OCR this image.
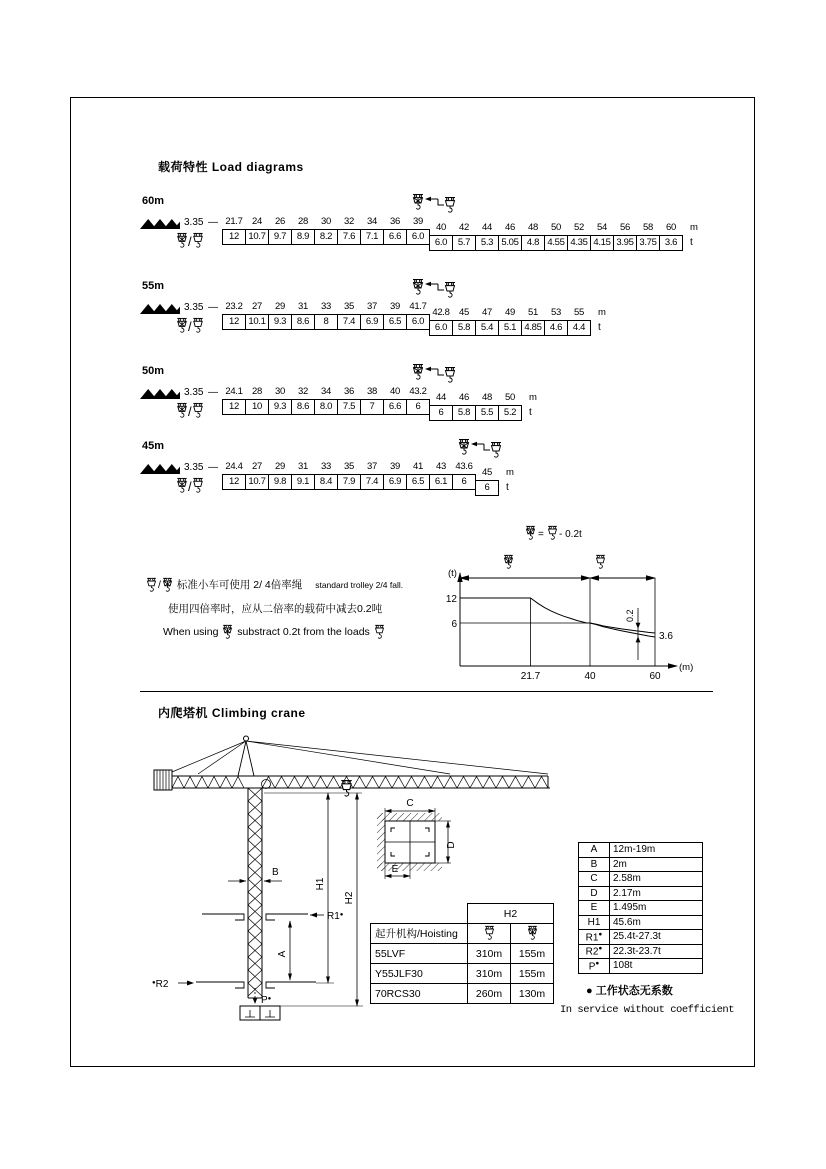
载荷特性 Load diagrams
60m
3.35 —
/	$\frac{21.7}{12} \frac{24}{10.7} \frac{26}{9.7} \frac{28}{8.9} \frac{30}{8.2} \frac{32}{7.6} \frac{34}{7.1} \frac{36}{6.6} \frac{39}{6.0} \frac{40}{6.0} \frac{42}{5.7} \frac{44}{5.3} \frac{46}{5.05} \frac{48}{4.8} \frac{50}{4.55} \frac{52}{4.35} \frac{54}{4.15} \frac{56}{3.95} \frac{58}{3.75} \frac{60}{3.6}$ m
t
55m
3.35 —
/	$\frac{23.2}{12} \frac{27}{10.1} \frac{29}{9.3} \frac{31}{8.6} \frac{33}{8} \frac{35}{7.4} \frac{37}{6.9} \frac{39}{6.5} \frac{41.7}{6.0} \frac{42.8}{6.0} \frac{45}{5.8} \frac{47}{5.4} \frac{49}{5.1} \frac{51}{4.85} \frac{53}{4.6} \frac{55}{4.4}$ m
t
50m
3.35 —
/	$\frac{24.1}{12} \frac{28}{10} \frac{30}{9.3} \frac{32}{8.6} \frac{34}{8.0} \frac{36}{7.5} \frac{38}{7} \frac{40}{6.6} \frac{43.2}{6} \frac{44}{6} \frac{46}{5.8} \frac{48}{5.5} \frac{50}{5.2}$ m
t
45m
3.35 —
/	$\frac{24.4}{12} \frac{27}{10.7} \frac{29}{9.8} \frac{31}{9.1} \frac{33}{8.4} \frac{35}{7.9} \frac{37}{7.4} \frac{39}{6.9} \frac{41}{6.5} \frac{43}{6.1} \frac{43.6}{6} \frac{45}{6}$ m
t
/ 标准小车可使用 2/ 4倍率绳 standard trolley 2/4 fall.
使用四倍率时，应从二倍率的载荷中减去0.2吨
When using substract 0.2t from the loads
= - 0.2t
(t)
(m)
12
6
21.7	40	60
0.2
3.6
内爬塔机 Climbing crane
H1
H2
B
A
R1●
●R2
P●
C
D
E
	H2	
起升机构/Hoisting		
55LVF	310m	155m
Y55JLF30	310m	155m
70RCS30	260m	130m
A	12m-19m
B	2m
C	2.58m
D	2.17m
E	1.495m
H1	45.6m
R1●	25.4t-27.3t
R2●	22.3t-23.7t
P●	108t
● 工作状态无系数
In service without coefficient
